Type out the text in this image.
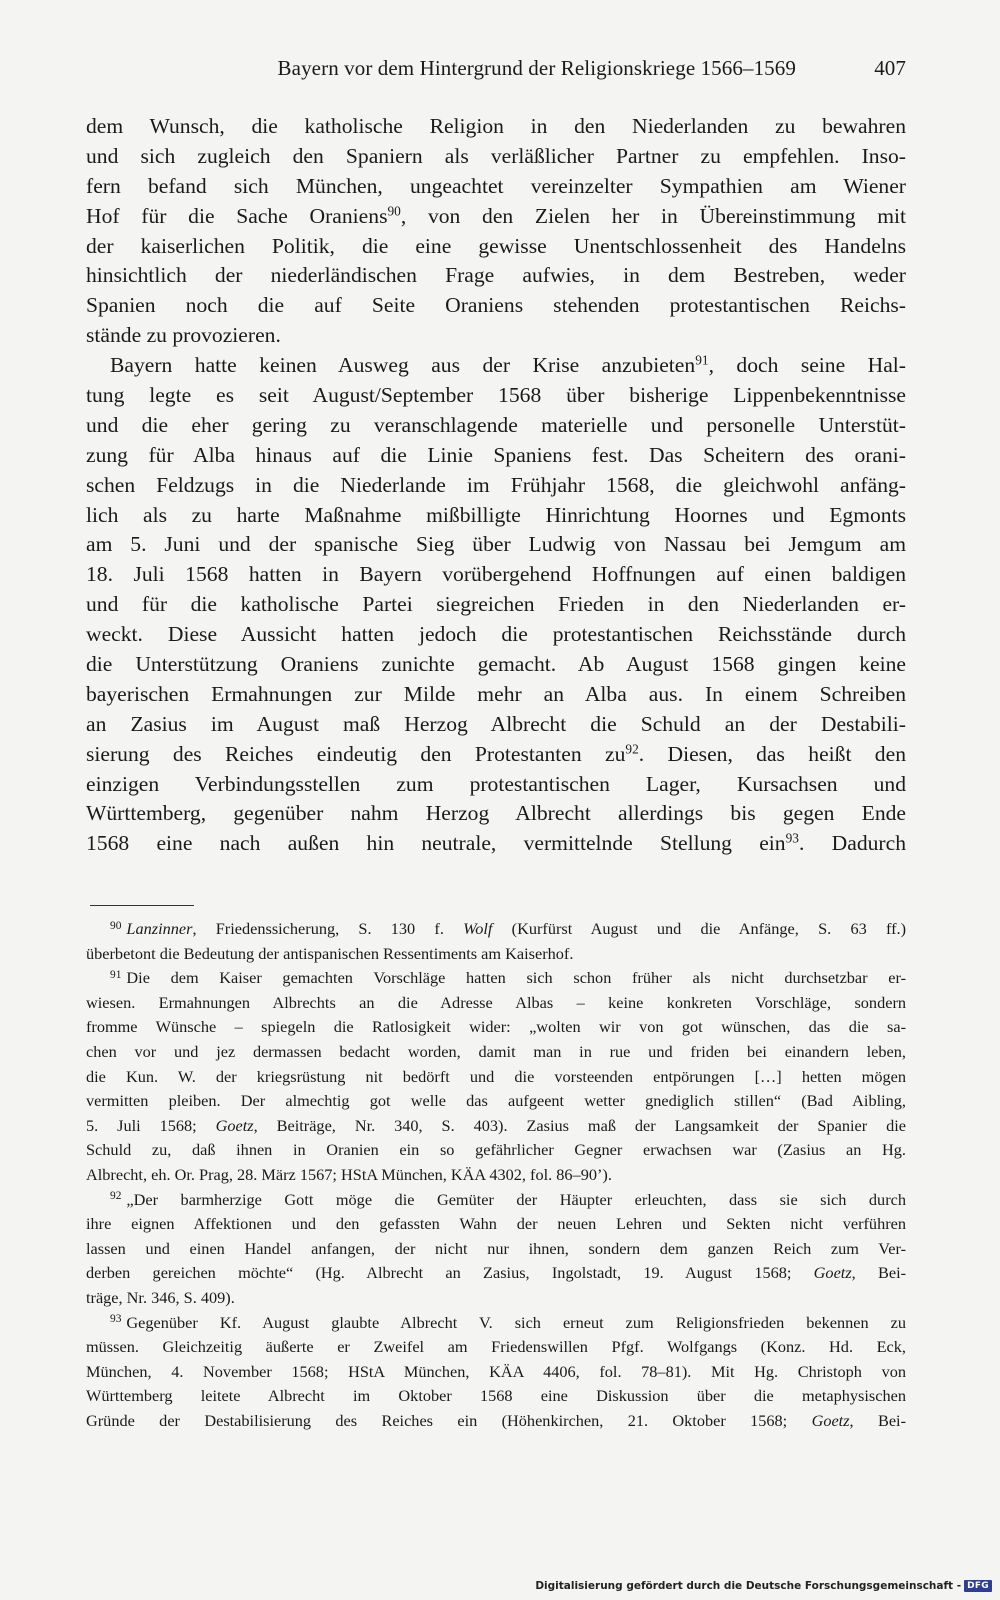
Bayern vor dem Hintergrund der Religionskriege 1566–1569	407
dem Wunsch, die katholische Religion in den Niederlanden zu bewahren
und sich zugleich den Spaniern als verläßlicher Partner zu empfehlen. Inso-
fern befand sich München, ungeachtet vereinzelter Sympathien am Wiener
Hof für die Sache Oraniens$^{90}$, von den Zielen her in Übereinstimmung mit
der kaiserlichen Politik, die eine gewisse Unentschlossenheit des Handelns
hinsichtlich der niederländischen Frage aufwies, in dem Bestreben, weder
Spanien noch die auf Seite Oraniens stehenden protestantischen Reichs-
stände zu provozieren.
Bayern hatte keinen Ausweg aus der Krise anzubieten$^{91}$, doch seine Hal-
tung legte es seit August/September 1568 über bisherige Lippenbekenntnisse
und die eher gering zu veranschlagende materielle und personelle Unterstüt-
zung für Alba hinaus auf die Linie Spaniens fest. Das Scheitern des orani-
schen Feldzugs in die Niederlande im Frühjahr 1568, die gleichwohl anfäng-
lich als zu harte Maßnahme mißbilligte Hinrichtung Hoornes und Egmonts
am 5. Juni und der spanische Sieg über Ludwig von Nassau bei Jemgum am
18. Juli 1568 hatten in Bayern vorübergehend Hoffnungen auf einen baldigen
und für die katholische Partei siegreichen Frieden in den Niederlanden er-
weckt. Diese Aussicht hatten jedoch die protestantischen Reichsstände durch
die Unterstützung Oraniens zunichte gemacht. Ab August 1568 gingen keine
bayerischen Ermahnungen zur Milde mehr an Alba aus. In einem Schreiben
an Zasius im August maß Herzog Albrecht die Schuld an der Destabili-
sierung des Reiches eindeutig den Protestanten $zu^{92}$. Diesen, das heißt den
einzigen Verbindungsstellen zum protestantischen Lager, Kursachsen und
Württemberg, gegenüber nahm Herzog Albrecht allerdings bis gegen Ende
1568 eine nach außen hin neutrale, vermittelnde Stellung ein$^{93}$. Dadurch
$^{90}$ Lanzinner, Friedenssicherung, S. 130 f. Wolf (Kurfürst August und die Anfänge, S. 63 ff.)
überbetont die Bedeutung der antispanischen Ressentiments am Kaiserhof.
$^{91}$ Die dem Kaiser gemachten Vorschläge hatten sich schon früher als nicht durchsetzbar er-
wiesen. Ermahnungen Albrechts an die Adresse Albas – keine konkreten Vorschläge, sondern
fromme Wünsche – spiegeln die Ratlosigkeit wider: „wolten wir von got wünschen, das die sa-
chen vor und jez dermassen bedacht worden, damit man in rue und friden bei einandern leben,
die Kun. W. der kriegsrüstung nit bedörft und die vorsteenden entpörungen […] hetten mögen
vermitten pleiben. Der almechtig got welle das aufgeent wetter gnediglich stillen“ (Bad Aibling,
5. Juli 1568; Goetz, Beiträge, Nr. 340, S. 403). Zasius maß der Langsamkeit der Spanier die
Schuld zu, daß ihnen in Oranien ein so gefährlicher Gegner erwachsen war (Zasius an Hg.
Albrecht, eh. Or. Prag, 28. März 1567; HStA München, KÄA 4302, fol. 86–90’).
$^{92}$ „Der barmherzige Gott möge die Gemüter der Häupter erleuchten, dass sie sich durch
ihre eignen Affektionen und den gefassten Wahn der neuen Lehren und Sekten nicht verführen
lassen und einen Handel anfangen, der nicht nur ihnen, sondern dem ganzen Reich zum Ver-
derben gereichen möchte“ (Hg. Albrecht an Zasius, Ingolstadt, 19. August 1568; Goetz, Bei-
träge, Nr. 346, S. 409).
$^{93}$ Gegenüber Kf. August glaubte Albrecht V. sich erneut zum Religionsfrieden bekennen zu
müssen. Gleichzeitig äußerte er Zweifel am Friedenswillen Pfgf. Wolfgangs (Konz. Hd. Eck,
München, 4. November 1568; HStA München, KÄA 4406, fol. 78–81). Mit Hg. Christoph von
Württemberg leitete Albrecht im Oktober 1568 eine Diskussion über die metaphysischen
Gründe der Destabilisierung des Reiches ein (Höhenkirchen, 21. Oktober 1568; Goetz, Bei-
Digitalisierung gefördert durch die Deutsche Forschungsgemeinschaft - DFG
